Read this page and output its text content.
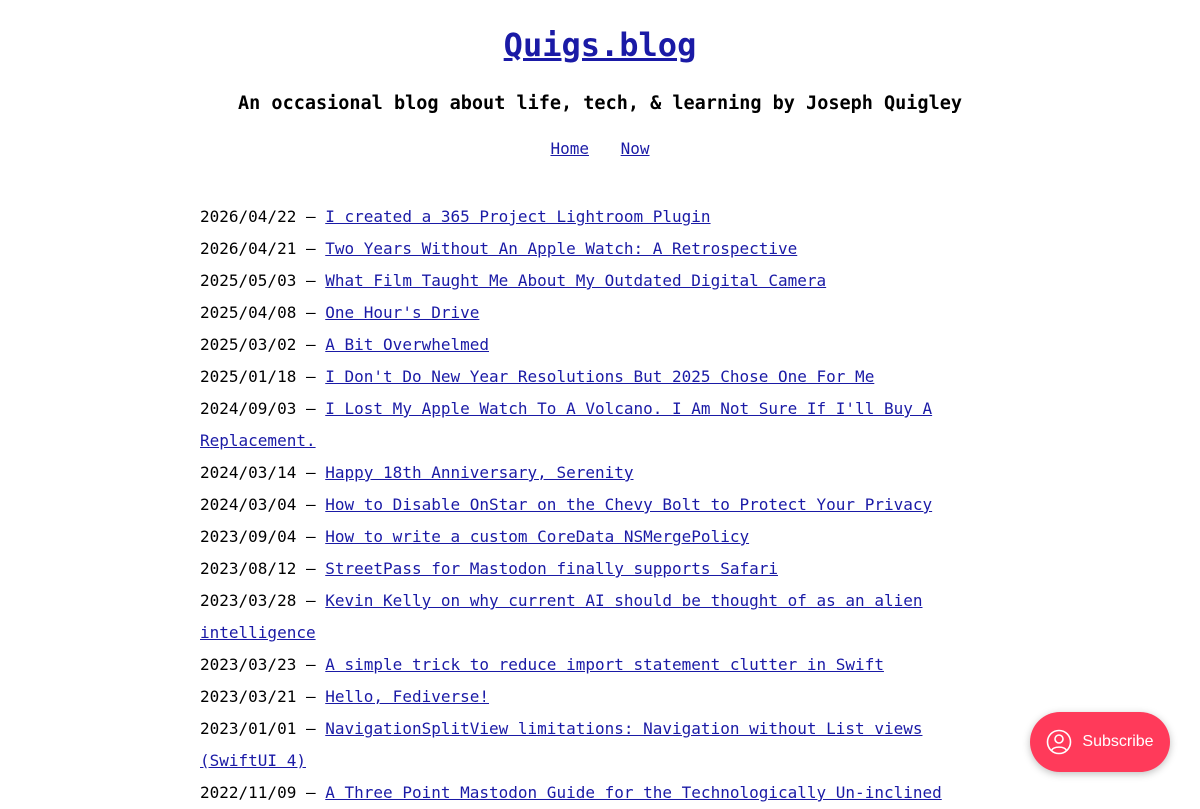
Quigs.blog

An occasional blog about life, tech, & learning by Joseph Quigley

Home Now
2026/04/22 — I created a 365 Project Lightroom Plugin
2026/04/21 — Two Years Without An Apple Watch: A Retrospective
2025/05/03 — What Film Taught Me About My Outdated Digital Camera
2025/04/08 — One Hour's Drive
2025/03/02 — A Bit Overwhelmed
2025/01/18 — I Don't Do New Year Resolutions But 2025 Chose One For Me
2024/09/03 — I Lost My Apple Watch To A Volcano. I Am Not Sure If I'll Buy A Replacement.
2024/03/14 — Happy 18th Anniversary, Serenity
2024/03/04 — How to Disable OnStar on the Chevy Bolt to Protect Your Privacy
2023/09/04 — How to write a custom CoreData NSMergePolicy
2023/08/12 — StreetPass for Mastodon finally supports Safari
2023/03/28 — Kevin Kelly on why current AI should be thought of as an alien intelligence
2023/03/23 — A simple trick to reduce import statement clutter in Swift
2023/03/21 — Hello, Fediverse!
2023/01/01 — NavigationSplitView limitations: Navigation without List views (SwiftUI 4)
2022/11/09 — A Three Point Mastodon Guide for the Technologically Un-inclined
Subscribe
